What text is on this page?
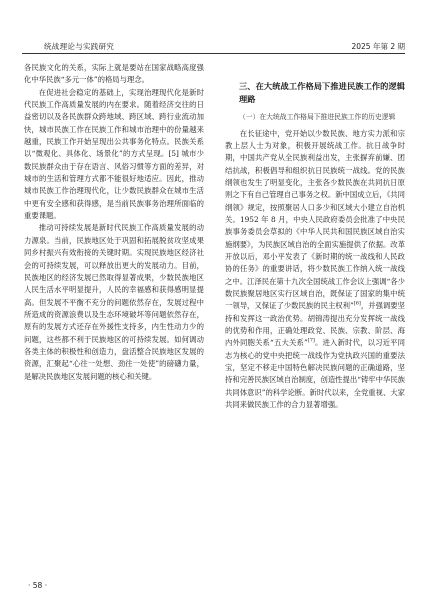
统战理论与实践研究	2025 年第 2 期

各民族文化的关系，实际上就是要站在国家战略高度强化中华民族“多元一体”的格局与理念。

在促进社会稳定的基础上，实现治理现代化是新时代民族工作高质量发展的内在要求。随着经济交往的日益密切以及各民族群众跨地域、跨区域、跨行业流动加快，城市民族工作在民族工作和城市治理中的份量越来越重，民族工作开始呈现出公共事务化特点。民族关系以“微观化、具体化、场景化”的方式呈现。[5] 城市少数民族群众由于存在语言、风俗习惯等方面的差异，对城市的生活和管理方式都不能很好地适应。因此，推动城市民族工作治理现代化，让少数民族群众在城市生活中更有安全感和获得感，是当前民族事务治理所面临的重要课题。

推动可持续发展是新时代民族工作高质量发展的动力源泉。当前，民族地区处于巩固和拓展脱贫攻坚成果同乡村振兴有效衔接的关键时期。实现民族地区经济社会的可持续发展，可以释放出更大的发展动力。目前，民族地区的经济发展已然取得显著成果，少数民族地区人民生活水平明显提升，人民的幸福感和获得感明显提高。但发展不平衡不充分的问题依然存在，发展过程中所造成的资源浪费以及生态环境破坏等问题依然存在，原有的发展方式还存在外援性支持多，内生性动力少的问题，这些都不利于民族地区的可持续发展。如何调动各类主体的积极性和创造力，盘活整合民族地区发展的资源，汇聚起“心往一处想、劲往一处使”的磅礴力量，是解决民族地区发展问题的核心和关键。

三、在大统战工作格局下推进民族工作的逻辑理路
（一）在大统战工作格局下推进民族工作的历史逻辑

在长征途中，党开始以少数民族、地方实力派和宗教上层人士为对象，积极开展统战工作。抗日战争时期，中国共产党从全民族利益出发，主张摒弃前嫌、团结抗战，积极倡导和组织抗日民族统一战线。党的民族纲领也发生了明显变化，主张各少数民族在共同抗日原则之下有自己管理自己事务之权。新中国成立后，《共同纲领》规定，按照聚居人口多少和区域大小建立自治机关。1952 年 8 月，中央人民政府委员会批准了中央民族事务委员会草拟的《中华人民共和国民族区域自治实施纲要》，为民族区域自治的全面实施提供了依据。改革开放以后，邓小平发表了《新时期的统一战线和人民政协的任务》的重要讲话，将少数民族工作纳入统一战线之中。江泽民在第十九次全国统战工作会议上强调“各少数民族聚居地区实行区域自治，既保证了国家的集中统一领导，又保证了少数民族的民主权利”[6]，并强调要坚持和发挥这一政治优势。胡锦涛提出充分发挥统一战线的优势和作用，正确处理政党、民族、宗教、阶层、海内外同胞关系“五大关系”[7]。进入新时代，以习近平同志为核心的党中央把统一战线作为党执政兴国的重要法宝，坚定不移走中国特色解决民族问题的正确道路，坚持和完善民族区域自治制度，创造性提出“铸牢中华民族共同体意识”的科学论断。新时代以来，全党重视、大家共同来做民族工作的合力显著增强。

· 58 ·
